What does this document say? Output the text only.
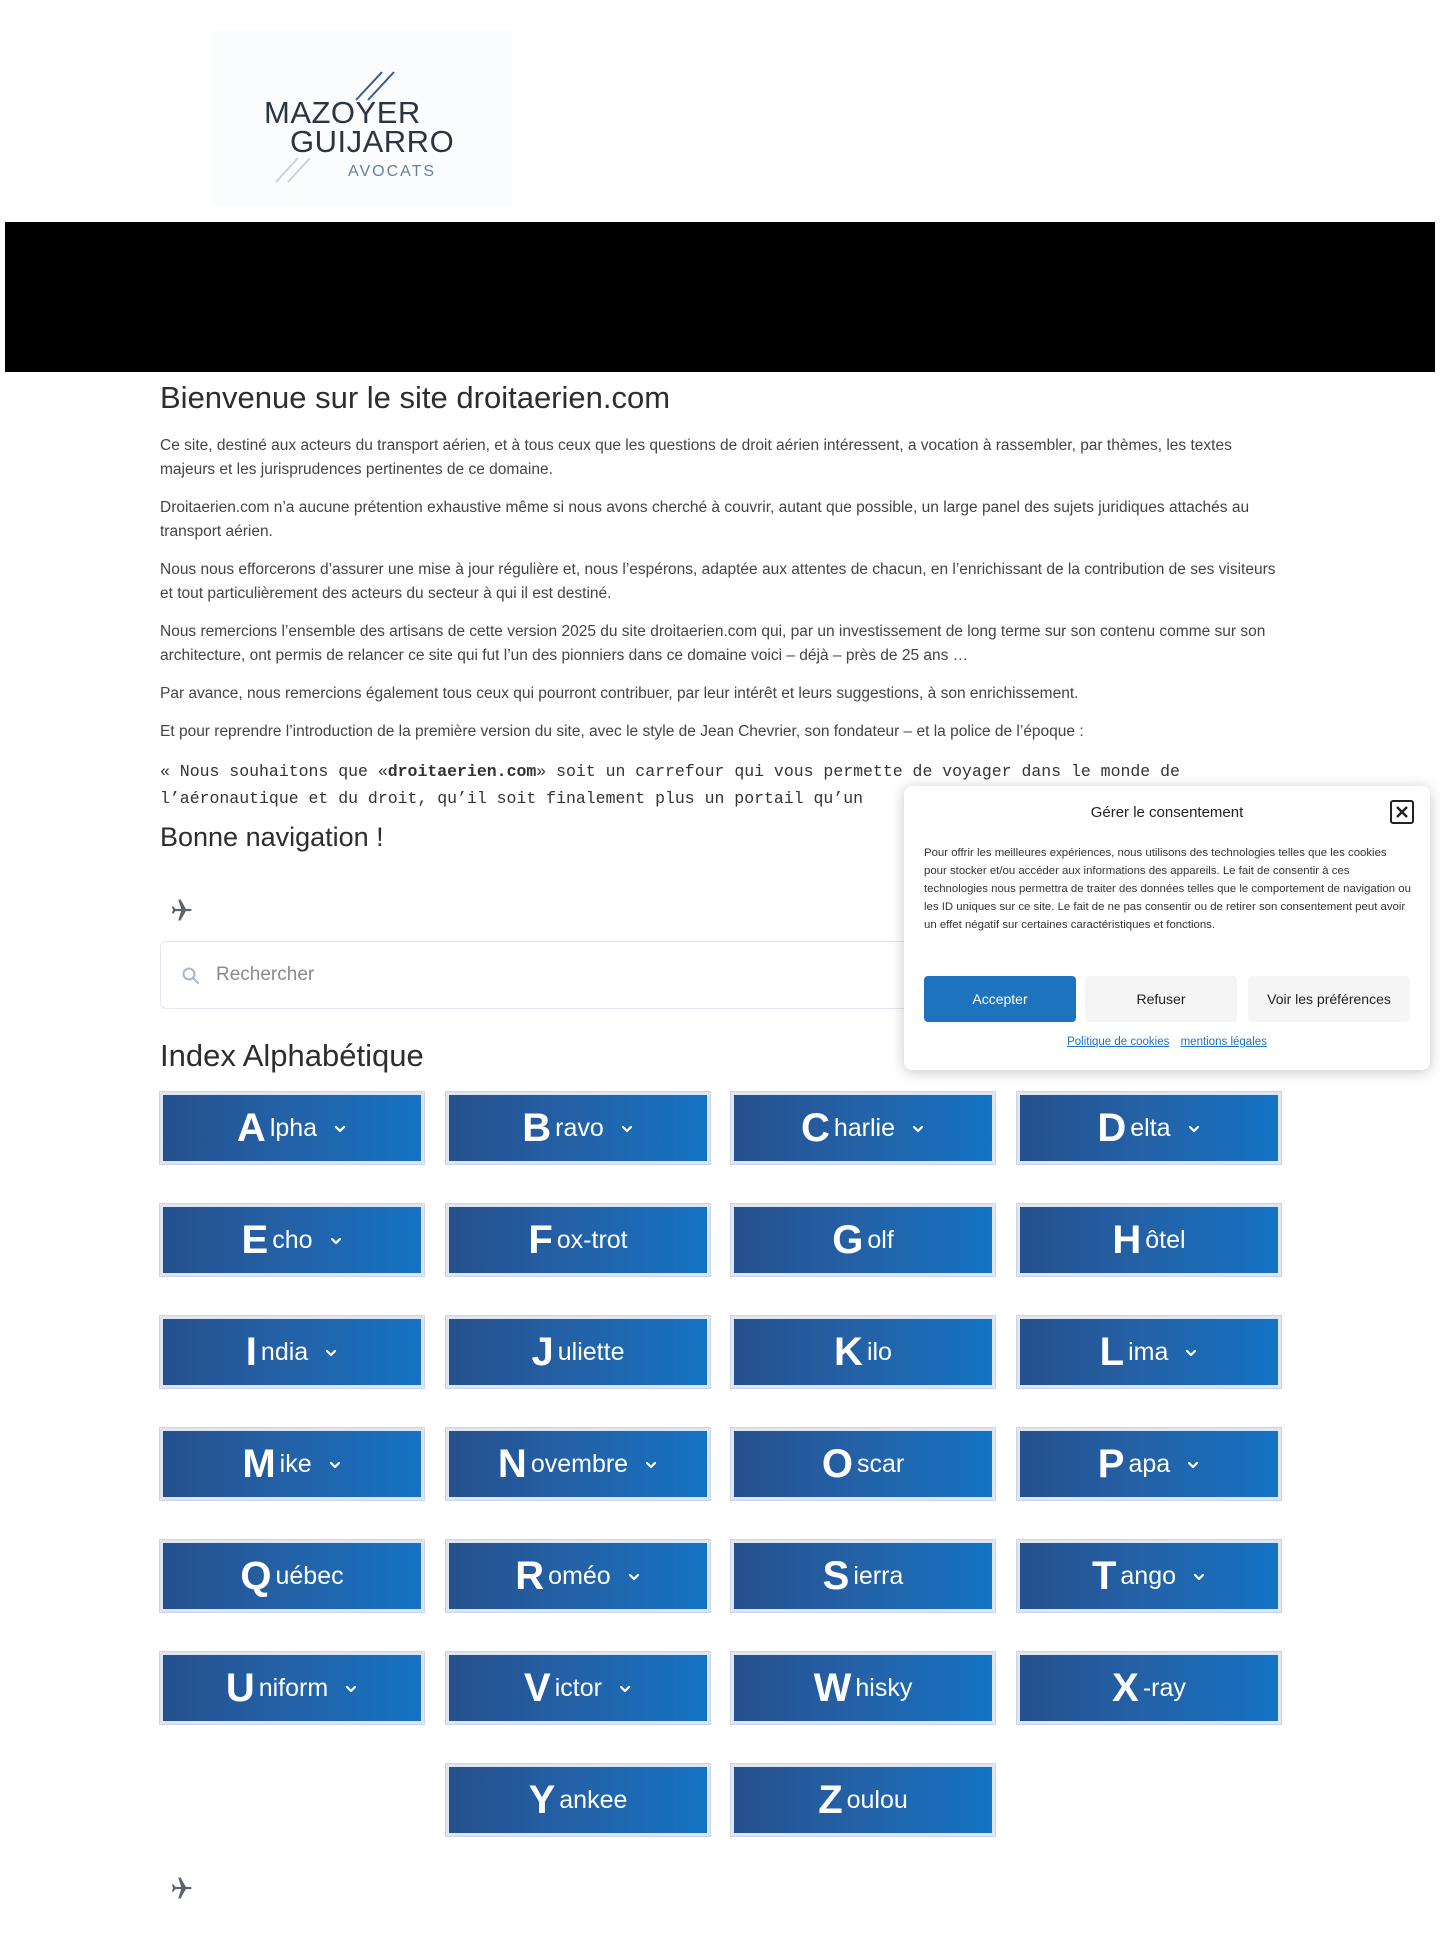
MAZOYER
GUIJARRO
AVOCATS
Bienvenue sur le site droitaerien.com

Ce site, destiné aux acteurs du transport aérien, et à tous ceux que les questions de droit aérien intéressent, a vocation à rassembler, par thèmes, les textes majeurs et les jurisprudences pertinentes de ce domaine.

Droitaerien.com n’a aucune prétention exhaustive même si nous avons cherché à couvrir, autant que possible, un large panel des sujets juridiques attachés au transport aérien.

Nous nous efforcerons d’assurer une mise à jour régulière et, nous l’espérons, adaptée aux attentes de chacun, en l’enrichissant de la contribution de ses visiteurs et tout particulièrement des acteurs du secteur à qui il est destiné.

Nous remercions l’ensemble des artisans de cette version 2025 du site droitaerien.com qui, par un investissement de long terme sur son contenu comme sur son architecture, ont permis de relancer ce site qui fut l’un des pionniers dans ce domaine voici – déjà – près de 25 ans …

Par avance, nous remercions également tous ceux qui pourront contribuer, par leur intérêt et leurs suggestions, à son enrichissement.

Et pour reprendre l’introduction de la première version du site, avec le style de Jean Chevrier, son fondateur – et la police de l’époque :

« Nous souhaitons que «droitaerien.com» soit un carrefour qui vous permette de voyager dans le monde de l’aéronautique et du droit, qu’il soit finalement plus un portail qu’un
Bonne navigation !
Rechercher
Index Alphabétique
A lpha	B ravo	C harlie	D elta
E cho	F ox-trot	G olf	H ôtel
I ndia	J uliette	K ilo	L ima
M ike	N ovembre	O scar	P apa
Q uébec	R oméo	S ierra	T ango
U niform	V ictor	W hisky	X -ray
Y ankee	Z oulou
Gérer le consentement
Pour offrir les meilleures expériences, nous utilisons des technologies telles que les cookies pour stocker et/ou accéder aux informations des appareils. Le fait de consentir à ces technologies nous permettra de traiter des données telles que le comportement de navigation ou les ID uniques sur ce site. Le fait de ne pas consentir ou de retirer son consentement peut avoir un effet négatif sur certaines caractéristiques et fonctions.
Accepter	Refuser	Voir les préférences
Politique de cookies mentions légales
